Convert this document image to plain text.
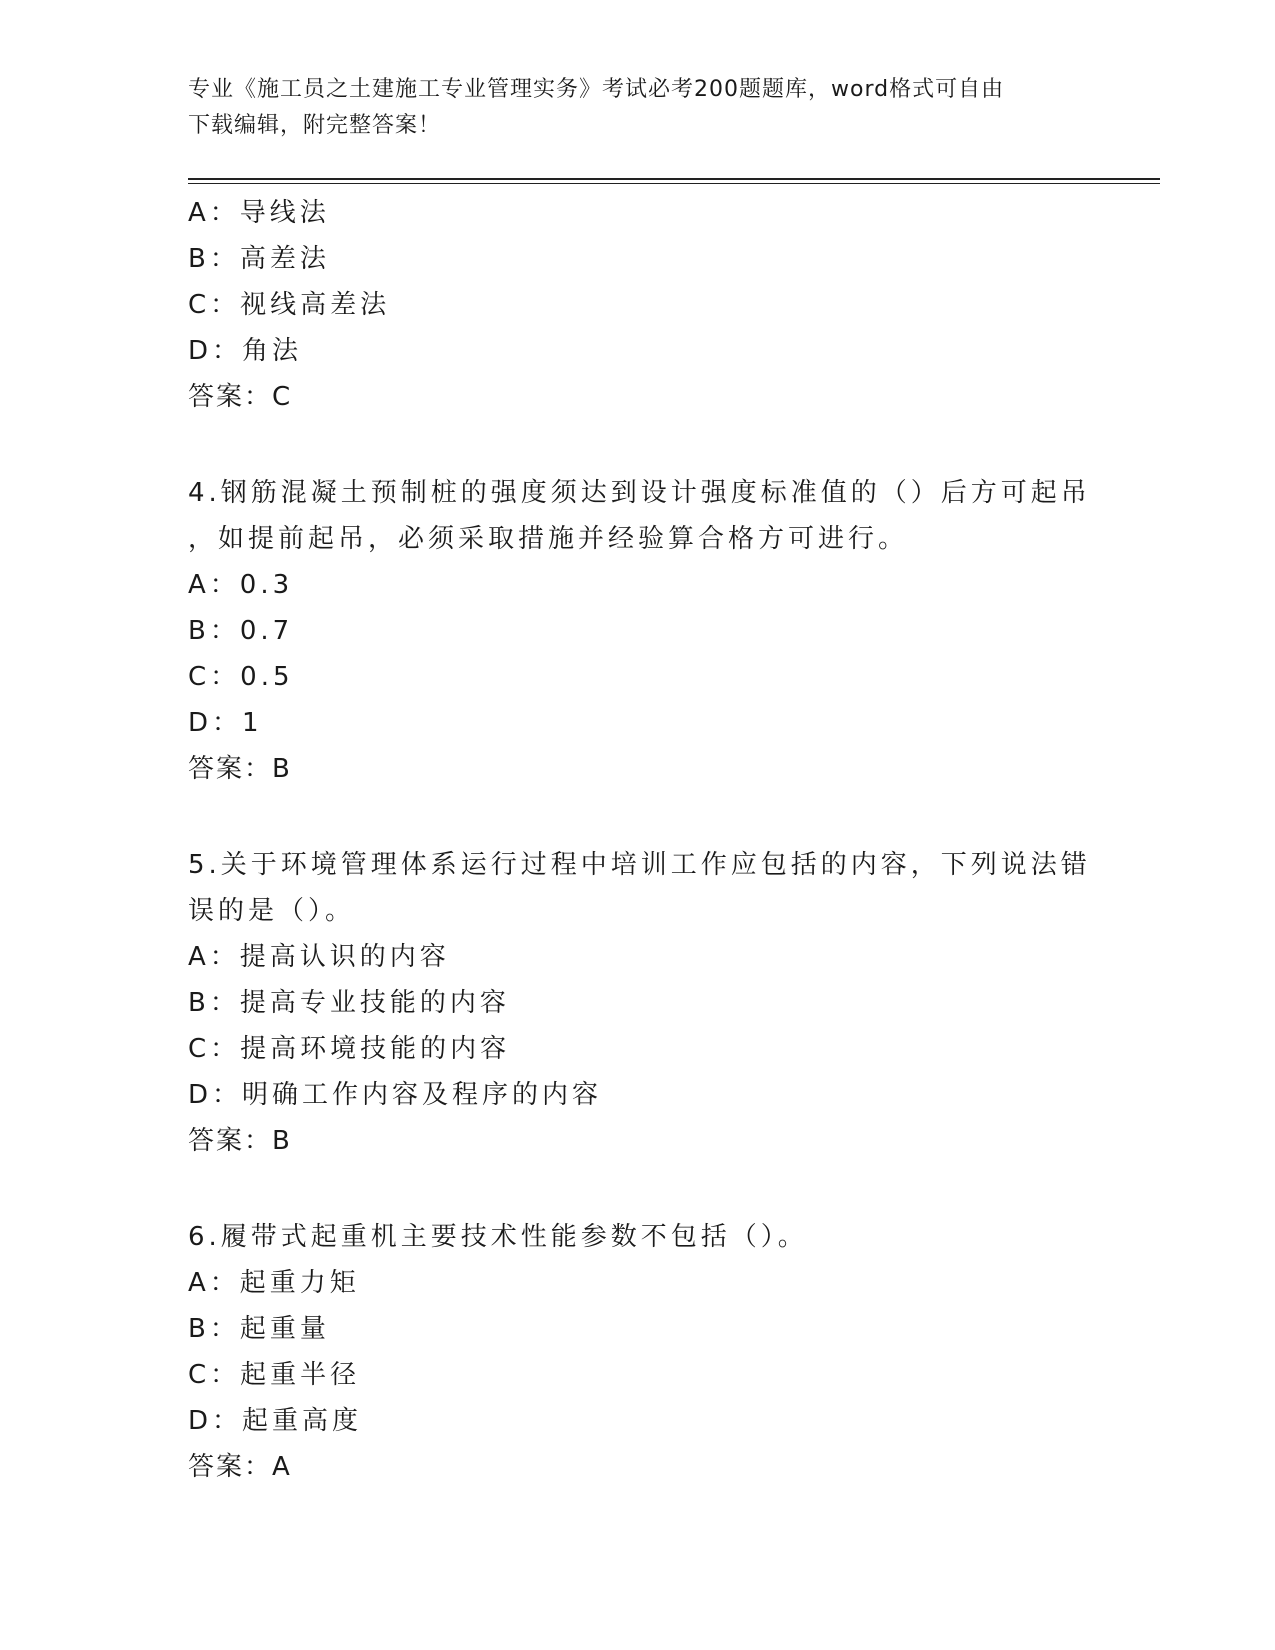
专业《施工员之土建施工专业管理实务》考试必考200题题库，word格式可自由
下载编辑，附完整答案！
A：导线法
B：高差法
C：视线高差法
D：角法
答案：C
4.钢筋混凝土预制桩的强度须达到设计强度标准值的（）后方可起吊
，如提前起吊，必须采取措施并经验算合格方可进行。
A：0.3
B：0.7
C：0.5
D：1
答案：B
5.关于环境管理体系运行过程中培训工作应包括的内容，下列说法错
误的是（）。
A：提高认识的内容
B：提高专业技能的内容
C：提高环境技能的内容
D：明确工作内容及程序的内容
答案：B
6.履带式起重机主要技术性能参数不包括（）。
A：起重力矩
B：起重量
C：起重半径
D：起重高度
答案：A
